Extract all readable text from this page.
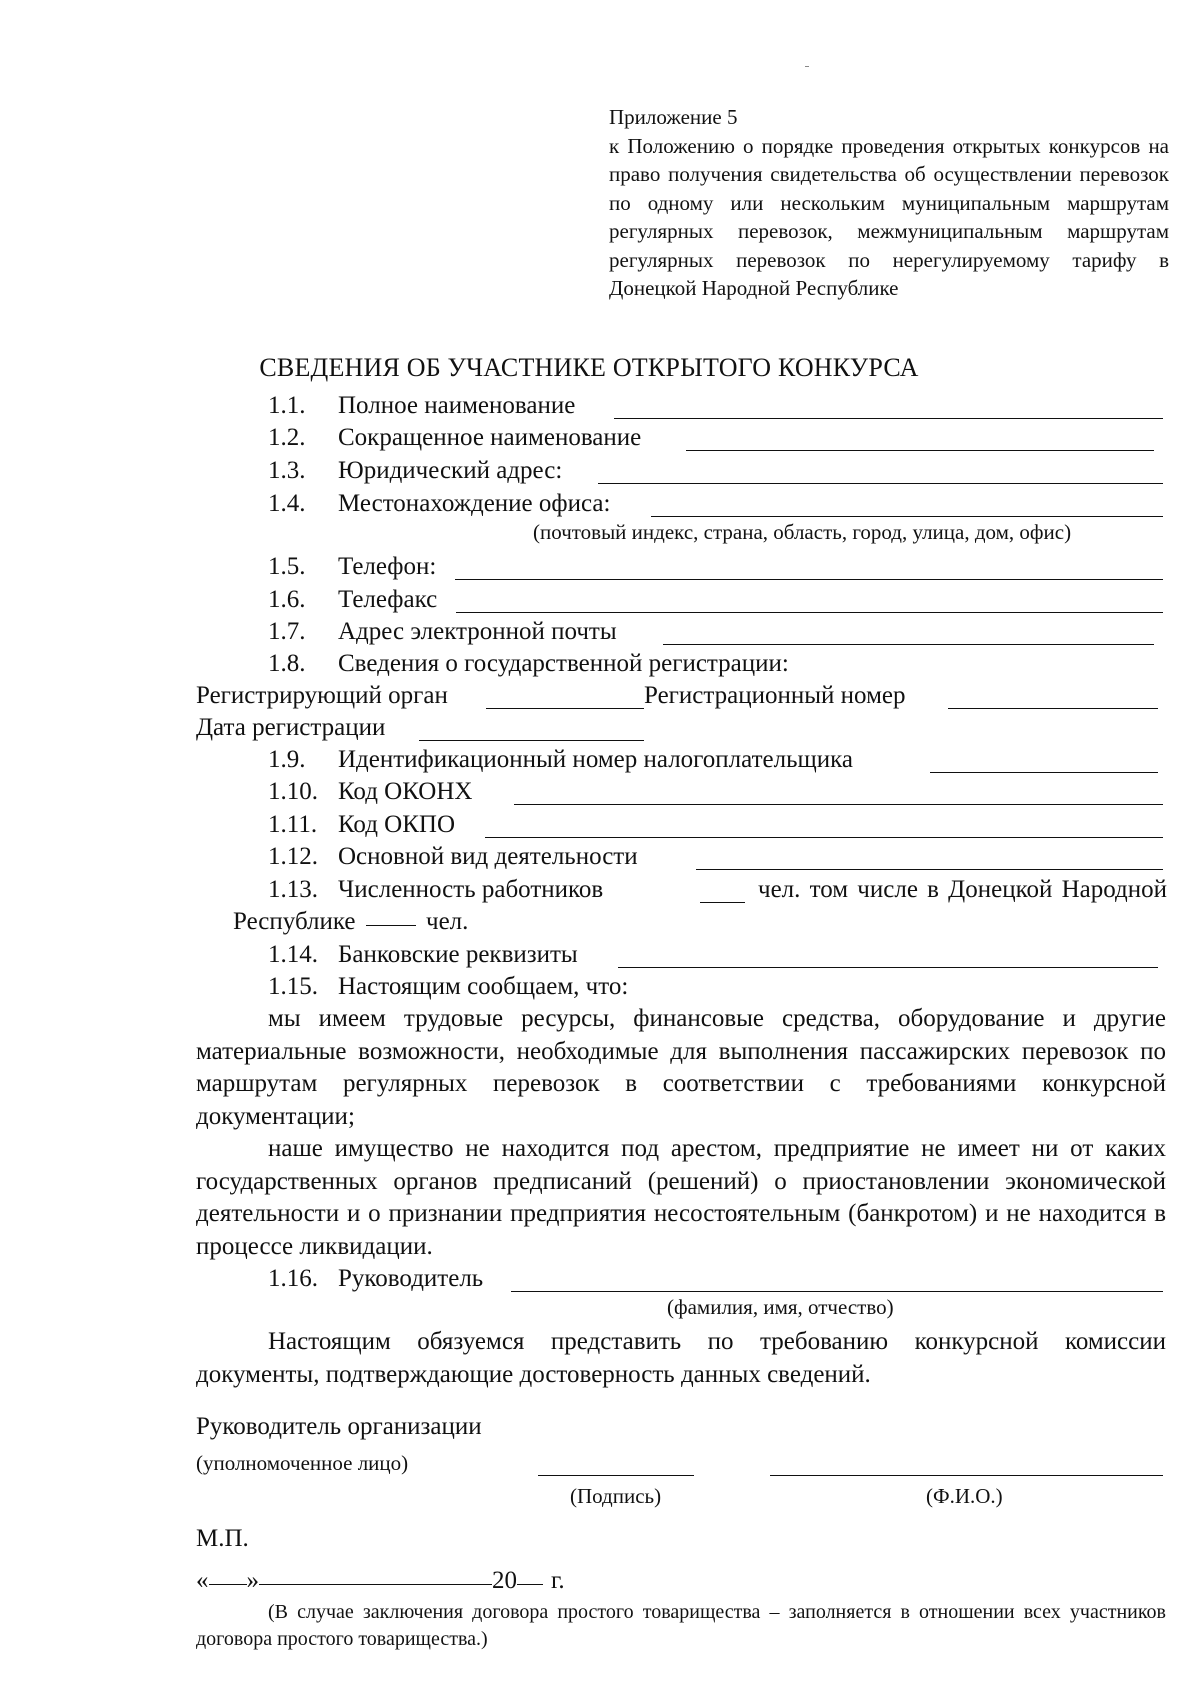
Приложение 5
к Положению о порядке проведения открытых конкурсов на право получения свидетельства об осуществлении перевозок по одному или нескольким муниципальным маршрутам регулярных перевозок, межмуниципальным маршрутам регулярных перевозок по нерегулируемому тарифу в Донецкой Народной Республике
СВЕДЕНИЯ ОБ УЧАСТНИКЕ ОТКРЫТОГО КОНКУРСА
1.1. Полное наименование
1.2. Сокращенное наименование
1.3. Юридический адрес:
1.4. Местонахождение офиса:
(почтовый индекс, страна, область, город, улица, дом, офис)
1.5. Телефон:
1.6. Телефакс
1.7. Адрес электронной почты
1.8. Сведения о государственной регистрации:
Регистрирующий орган	Регистрационный номер
Дата регистрации
1.9. Идентификационный номер налогоплательщика
1.10. Код ОКОНХ
1.11. Код ОКПО
1.12. Основной вид деятельности
1.13. Численность работников	чел. том числе в Донецкой Народной
Республике	чел.
1.14. Банковские реквизиты
1.15. Настоящим сообщаем, что:
мы имеем трудовые ресурсы, финансовые средства, оборудование и другие материальные возможности, необходимые для выполнения пассажирских перевозок по маршрутам регулярных перевозок в соответствии с требованиями конкурсной документации;
наше имущество не находится под арестом, предприятие не имеет ни от каких государственных органов предписаний (решений) о приостановлении экономической деятельности и о признании предприятия несостоятельным (банкротом) и не находится в процессе ликвидации.
1.16. Руководитель
(фамилия, имя, отчество)
Настоящим обязуемся представить по требованию конкурсной комиссии документы, подтверждающие достоверность данных сведений.
Руководитель организации
(уполномоченное лицо)
(Подпись)	(Ф.И.О.)
М.П.
« »	20 г.
(В случае заключения договора простого товарищества – заполняется в отношении всех участников договора простого товарищества.)
